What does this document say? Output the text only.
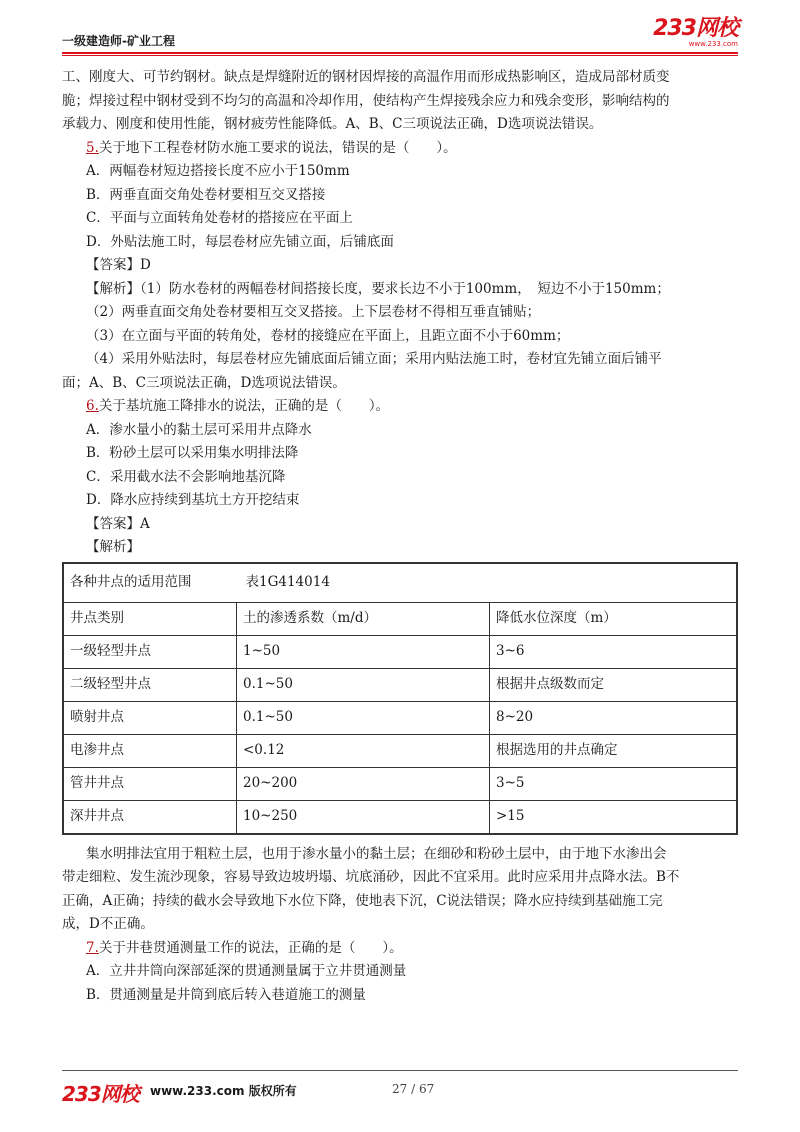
一级建造师-矿业工程	233网校
www.233.com

工、刚度大、可节约钢材。缺点是焊缝附近的钢材因焊接的高温作用而形成热影响区，造成局部材质变

脆；焊接过程中钢材受到不均匀的高温和冷却作用，使结构产生焊接残余应力和残余变形，影响结构的

承载力、刚度和使用性能，钢材疲劳性能降低。A、B、C三项说法正确，D选项说法错误。

5.关于地下工程卷材防水施工要求的说法，错误的是（　　）。

A．两幅卷材短边搭接长度不应小于150mm

B．两垂直面交角处卷材要相互交叉搭接

C．平面与立面转角处卷材的搭接应在平面上

D．外贴法施工时，每层卷材应先铺立面，后铺底面

【答案】D

【解析】（1）防水卷材的两幅卷材间搭接长度，要求长边不小于100mm，　短边不小于150mm；

（2）两垂直面交角处卷材要相互交叉搭接。上下层卷材不得相互垂直铺贴；

（3）在立面与平面的转角处，卷材的接缝应在平面上，且距立面不小于60mm；

（4）采用外贴法时，每层卷材应先铺底面后铺立面；采用内贴法施工时，卷材宜先铺立面后铺平

面；A、B、C三项说法正确，D选项说法错误。

6.关于基坑施工降排水的说法，正确的是（　　）。

A．渗水量小的黏土层可采用井点降水

B．粉砂土层可以采用集水明排法降

C．采用截水法不会影响地基沉降

D．降水应持续到基坑土方开挖结束

【答案】A

【解析】

各种井点的适用范围　　　　 表1G414014		
井点类别	土的渗透系数（m/d）	降低水位深度（m）
一级轻型井点	1~50	3~6
二级轻型井点	0.1~50	根据井点级数而定
喷射井点	0.1~50	8~20
电渗井点	<0.12	根据选用的井点确定
管井井点	20~200	3~5
深井井点	10~250	>15

集水明排法宜用于粗粒土层，也用于渗水量小的黏土层；在细砂和粉砂土层中，由于地下水渗出会

带走细粒、发生流沙现象，容易导致边坡坍塌、坑底涌砂，因此不宜采用。此时应采用井点降水法。B不

正确，A正确；持续的截水会导致地下水位下降，使地表下沉，C说法错误；降水应持续到基础施工完

成，D不正确。

7.关于井巷贯通测量工作的说法，正确的是（　　）。

A．立井井筒向深部延深的贯通测量属于立井贯通测量

B．贯通测量是井筒到底后转入巷道施工的测量

233网校 www.233.com 版权所有	27 / 67
